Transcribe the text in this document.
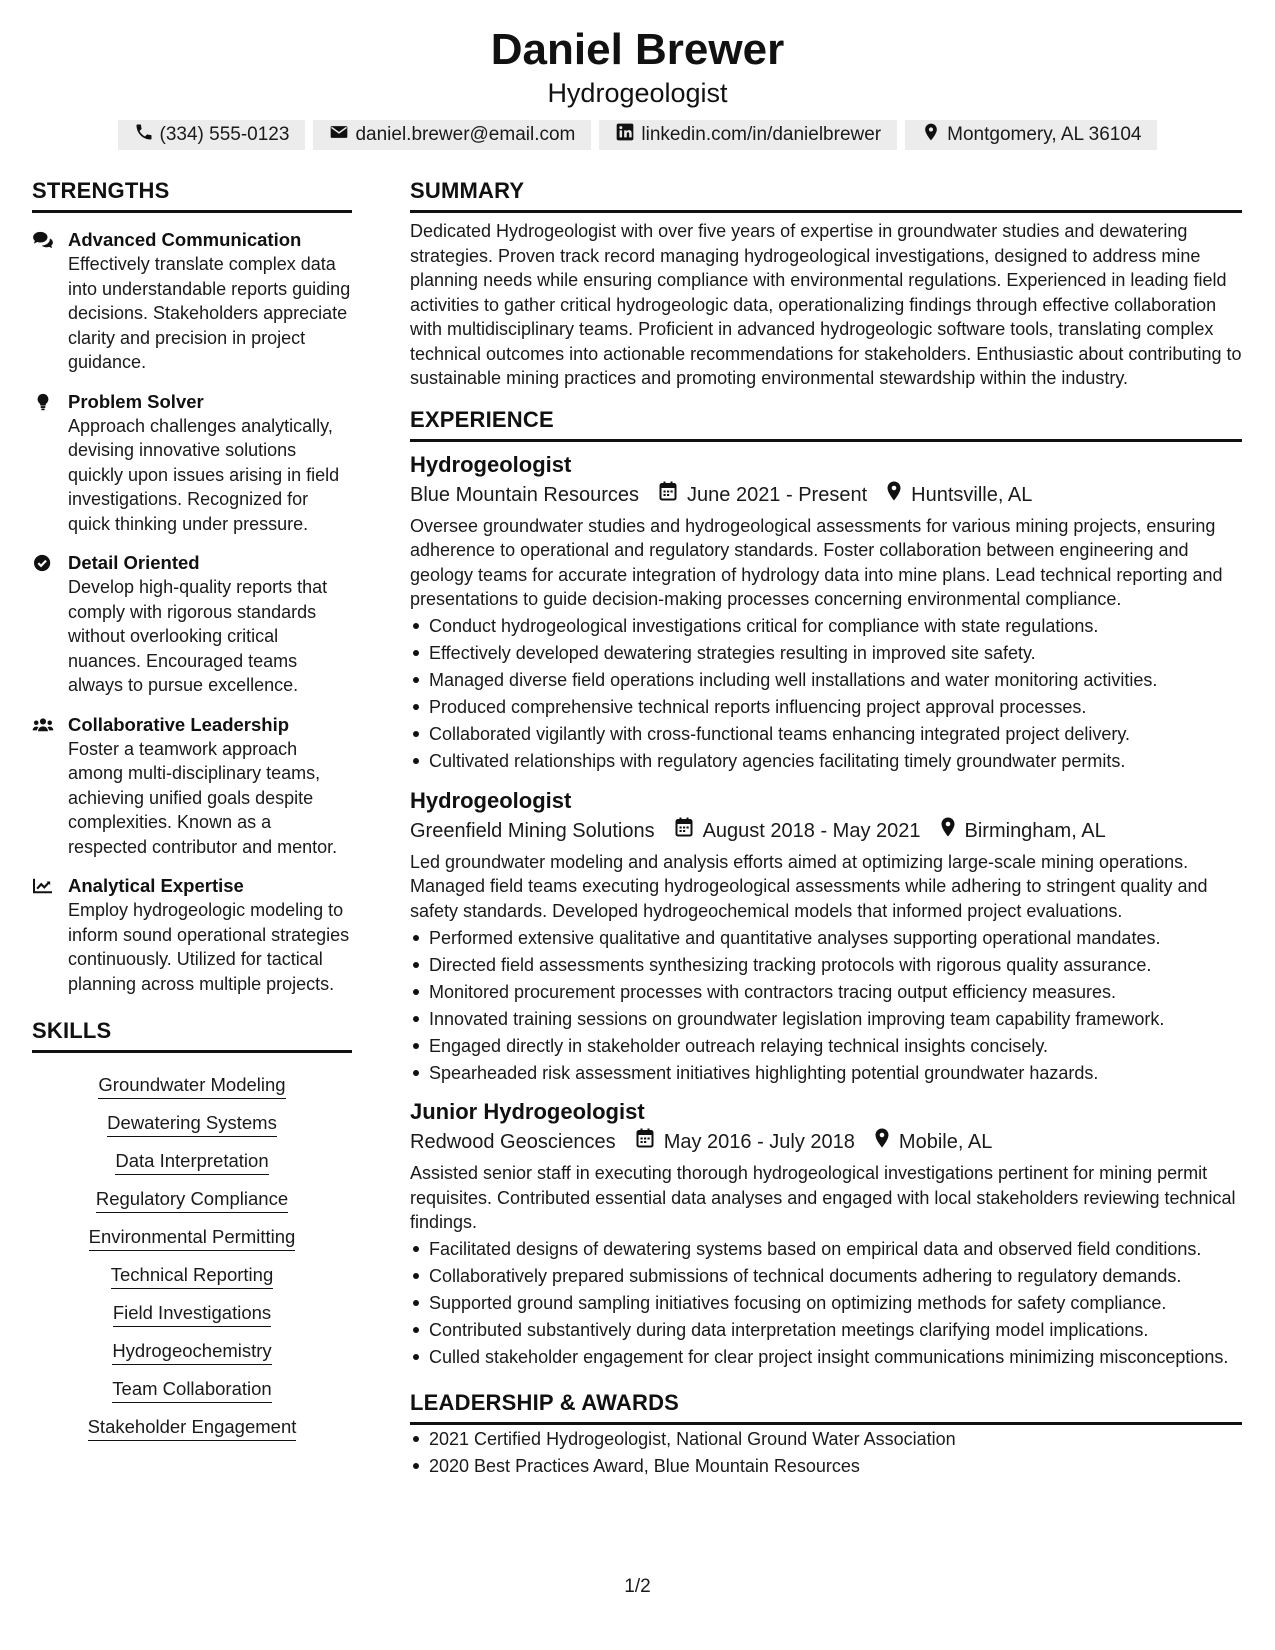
Daniel Brewer
Hydrogeologist
(334) 555-0123	daniel.brewer@email.com	linkedin.com/in/danielbrewer	Montgomery, AL 36104
STRENGTHS
Advanced Communication
Effectively translate complex data into understandable reports guiding decisions. Stakeholders appreciate clarity and precision in project guidance.
Problem Solver
Approach challenges analytically, devising innovative solutions quickly upon issues arising in field investigations. Recognized for quick thinking under pressure.
Detail Oriented
Develop high-quality reports that comply with rigorous standards without overlooking critical nuances. Encouraged teams always to pursue excellence.
Collaborative Leadership
Foster a teamwork approach among multi-disciplinary teams, achieving unified goals despite complexities. Known as a respected contributor and mentor.
Analytical Expertise
Employ hydrogeologic modeling to inform sound operational strategies continuously. Utilized for tactical planning across multiple projects.
SKILLS
Groundwater Modeling
Dewatering Systems
Data Interpretation
Regulatory Compliance
Environmental Permitting
Technical Reporting
Field Investigations
Hydrogeochemistry
Team Collaboration
Stakeholder Engagement
SUMMARY
Dedicated Hydrogeologist with over five years of expertise in groundwater studies and dewatering strategies. Proven track record managing hydrogeological investigations, designed to address mine planning needs while ensuring compliance with environmental regulations. Experienced in leading field activities to gather critical hydrogeologic data, operationalizing findings through effective collaboration with multidisciplinary teams. Proficient in advanced hydrogeologic software tools, translating complex technical outcomes into actionable recommendations for stakeholders. Enthusiastic about contributing to sustainable mining practices and promoting environmental stewardship within the industry.
EXPERIENCE
Hydrogeologist
Blue Mountain Resources June 2021 - Present Huntsville, AL
Oversee groundwater studies and hydrogeological assessments for various mining projects, ensuring adherence to operational and regulatory standards. Foster collaboration between engineering and geology teams for accurate integration of hydrology data into mine plans. Lead technical reporting and presentations to guide decision-making processes concerning environmental compliance.
Conduct hydrogeological investigations critical for compliance with state regulations.
Effectively developed dewatering strategies resulting in improved site safety.
Managed diverse field operations including well installations and water monitoring activities.
Produced comprehensive technical reports influencing project approval processes.
Collaborated vigilantly with cross-functional teams enhancing integrated project delivery.
Cultivated relationships with regulatory agencies facilitating timely groundwater permits.
Hydrogeologist
Greenfield Mining Solutions August 2018 - May 2021 Birmingham, AL
Led groundwater modeling and analysis efforts aimed at optimizing large-scale mining operations. Managed field teams executing hydrogeological assessments while adhering to stringent quality and safety standards. Developed hydrogeochemical models that informed project evaluations.
Performed extensive qualitative and quantitative analyses supporting operational mandates.
Directed field assessments synthesizing tracking protocols with rigorous quality assurance.
Monitored procurement processes with contractors tracing output efficiency measures.
Innovated training sessions on groundwater legislation improving team capability framework.
Engaged directly in stakeholder outreach relaying technical insights concisely.
Spearheaded risk assessment initiatives highlighting potential groundwater hazards.
Junior Hydrogeologist
Redwood Geosciences May 2016 - July 2018 Mobile, AL
Assisted senior staff in executing thorough hydrogeological investigations pertinent for mining permit requisites. Contributed essential data analyses and engaged with local stakeholders reviewing technical findings.
Facilitated designs of dewatering systems based on empirical data and observed field conditions.
Collaboratively prepared submissions of technical documents adhering to regulatory demands.
Supported ground sampling initiatives focusing on optimizing methods for safety compliance.
Contributed substantively during data interpretation meetings clarifying model implications.
Culled stakeholder engagement for clear project insight communications minimizing misconceptions.
LEADERSHIP & AWARDS
2021 Certified Hydrogeologist, National Ground Water Association
2020 Best Practices Award, Blue Mountain Resources
1/2
